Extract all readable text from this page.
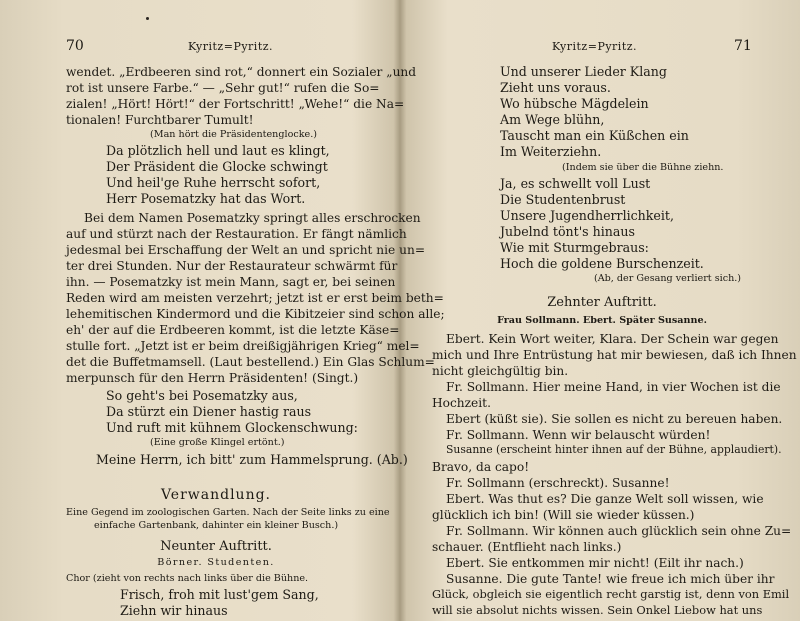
70	Kyritz=Pyritz.
wendet. „Erdbeeren sind rot,“ donnert ein Sozialer „und
rot ist unsere Farbe.“ — „Sehr gut!“ rufen die So=
zialen! „Hört! Hört!“ der Fortschritt! „Wehe!“ die Na=
tionalen! Furchtbarer Tumult!
(Man hört die Präsidentenglocke.)
Da plötzlich hell und laut es klingt,
Der Präsident die Glocke schwingt
Und heil'ge Ruhe herrscht sofort,
Herr Posematzky hat das Wort.
Bei dem Namen Posematzky springt alles erschrocken
auf und stürzt nach der Restauration. Er fängt nämlich
jedesmal bei Erschaffung der Welt an und spricht nie un=
ter drei Stunden. Nur der Restaurateur schwärmt für
ihn. — Posematzky ist mein Mann, sagt er, bei seinen
Reden wird am meisten verzehrt; jetzt ist er erst beim beth=
lehemitischen Kindermord und die Kibitzeier sind schon alle;
eh' der auf die Erdbeeren kommt, ist die letzte Käse=
stulle fort. „Jetzt ist er beim dreißigjährigen Krieg“ mel=
det die Buffetmamsell. (Laut bestellend.) Ein Glas Schlum=
merpunsch für den Herrn Präsidenten! (Singt.)
So geht's bei Posematzky aus,
Da stürzt ein Diener hastig raus
Und ruft mit kühnem Glockenschwung:
(Eine große Klingel ertönt.)
Meine Herrn, ich bitt' zum Hammelsprung. (Ab.)
Verwandlung.
Eine Gegend im zoologischen Garten. Nach der Seite links zu eine
einfache Gartenbank, dahinter ein kleiner Busch.)
Neunter Auftritt.
Börner. Studenten.
Chor (zieht von rechts nach links über die Bühne.
Frisch, froh mit lust'gem Sang,
Ziehn wir hinaus
Kyritz=Pyritz.	71
Und unserer Lieder Klang
Zieht uns voraus.
Wo hübsche Mägdelein
Am Wege blühn,
Tauscht man ein Küßchen ein
Im Weiterziehn.
(Indem sie über die Bühne ziehn.
Ja, es schwellt voll Lust
Die Studentenbrust
Unsere Jugendherrlichkeit,
Jubelnd tönt's hinaus
Wie mit Sturmgebraus:
Hoch die goldene Burschenzeit.
(Ab, der Gesang verliert sich.)
Zehnter Auftritt.
Frau Sollmann. Ebert. Später Susanne.
Ebert. Kein Wort weiter, Klara. Der Schein war gegen
mich und Ihre Entrüstung hat mir bewiesen, daß ich Ihnen
nicht gleichgültig bin.
Fr. Sollmann. Hier meine Hand, in vier Wochen ist die
Hochzeit.
Ebert (küßt sie). Sie sollen es nicht zu bereuen haben.
Fr. Sollmann. Wenn wir belauscht würden!
Susanne (erscheint hinter ihnen auf der Bühne, applaudiert).
Bravo, da capo!
Fr. Sollmann (erschreckt). Susanne!
Ebert. Was thut es? Die ganze Welt soll wissen, wie
glücklich ich bin! (Will sie wieder küssen.)
Fr. Sollmann. Wir können auch glücklich sein ohne Zu=
schauer. (Entflieht nach links.)
Ebert. Sie entkommen mir nicht! (Eilt ihr nach.)
Susanne. Die gute Tante! wie freue ich mich über ihr
Glück, obgleich sie eigentlich recht garstig ist, denn von Emil
will sie absolut nichts wissen. Sein Onkel Liebow hat uns
